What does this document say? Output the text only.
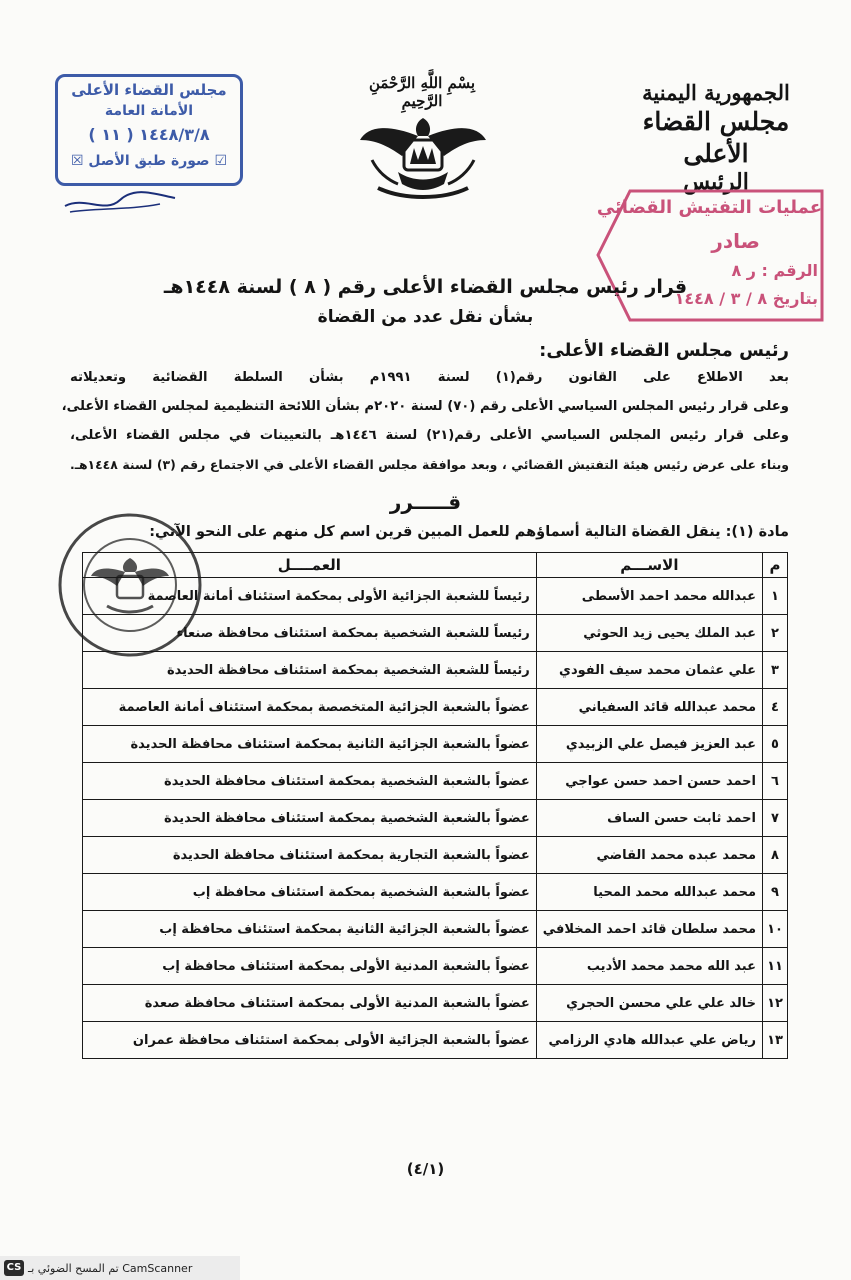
مجلس القضاء الأعلى
الأمانة العامة
١٤٤٨/٣/٨ ( ١١ )
☑ صورة طبق الأصل ☒
بِسْمِ اللَّهِ الرَّحْمَنِ الرَّحِيمِ	الجمهورية اليمنية
مجلس القضاء الأعلى
الرئيس
عمليات التفتيش القضائي
صادر
الرقم : ر ٨
بتاريخ ٨ / ٣ / ١٤٤٨
قرار رئيس مجلس القضاء الأعلى رقم ( ٨ ) لسنة ١٤٤٨هـ
بشأن نقل عدد من القضاة
رئيس مجلس القضاء الأعلى:
بعد الاطلاع على القانون رقم(١) لسنة ١٩٩١م بشأن السلطة القضائية وتعديلاته
وعلى قرار رئيس المجلس السياسي الأعلى رقم (٧٠) لسنة ٢٠٢٠م بشأن اللائحة التنظيمية لمجلس القضاء الأعلى،
وعلى قرار رئيس المجلس السياسي الأعلى رقم(٢١) لسنة ١٤٤٦هـ بالتعيينات في مجلس القضاء الأعلى،
وبناء على عرض رئيس هيئة التفتيش القضائي ، وبعد موافقة مجلس القضاء الأعلى في الاجتماع رقم (٣) لسنة ١٤٤٨هـ.
قـــــرر
مادة (١): ينقل القضاة التالية أسماؤهم للعمل المبين قرين اسم كل منهم على النحو الآتي:
م	الاســـم	العمــــل
١	عبدالله محمد احمد الأسطى	رئيساً للشعبة الجزائية الأولى بمحكمة استئناف أمانة العاصمة
٢	عبد الملك يحيى زيد الحوثي	رئيساً للشعبة الشخصية بمحكمة استئناف محافظة صنعاء
٣	علي عثمان محمد سيف الفودي	رئيساً للشعبة الشخصية بمحكمة استئناف محافظة الحديدة
٤	محمد عبدالله قائد السفياني	عضواً بالشعبة الجزائية المتخصصة بمحكمة استئناف أمانة العاصمة
٥	عبد العزيز فيصل علي الزبيدي	عضواً بالشعبة الجزائية الثانية بمحكمة استئناف محافظة الحديدة
٦	احمد حسن احمد حسن عواجي	عضواً بالشعبة الشخصية بمحكمة استئناف محافظة الحديدة
٧	احمد ثابت حسن الساف	عضواً بالشعبة الشخصية بمحكمة استئناف محافظة الحديدة
٨	محمد عبده محمد القاضي	عضواً بالشعبة التجارية بمحكمة استئناف محافظة الحديدة
٩	محمد عبدالله محمد المحيا	عضواً بالشعبة الشخصية بمحكمة استئناف محافظة إب
١٠	محمد سلطان قائد احمد المخلافي	عضواً بالشعبة الجزائية الثانية بمحكمة استئناف محافظة إب
١١	عبد الله محمد محمد الأديب	عضواً بالشعبة المدنية الأولى بمحكمة استئناف محافظة إب
١٢	خالد علي علي محسن الحجري	عضواً بالشعبة المدنية الأولى بمحكمة استئناف محافظة صعدة
١٣	رياض علي عبدالله هادي الرزامي	عضواً بالشعبة الجزائية الأولى بمحكمة استئناف محافظة عمران
(٤/١)
CS تم المسح الضوئي بـ CamScanner
